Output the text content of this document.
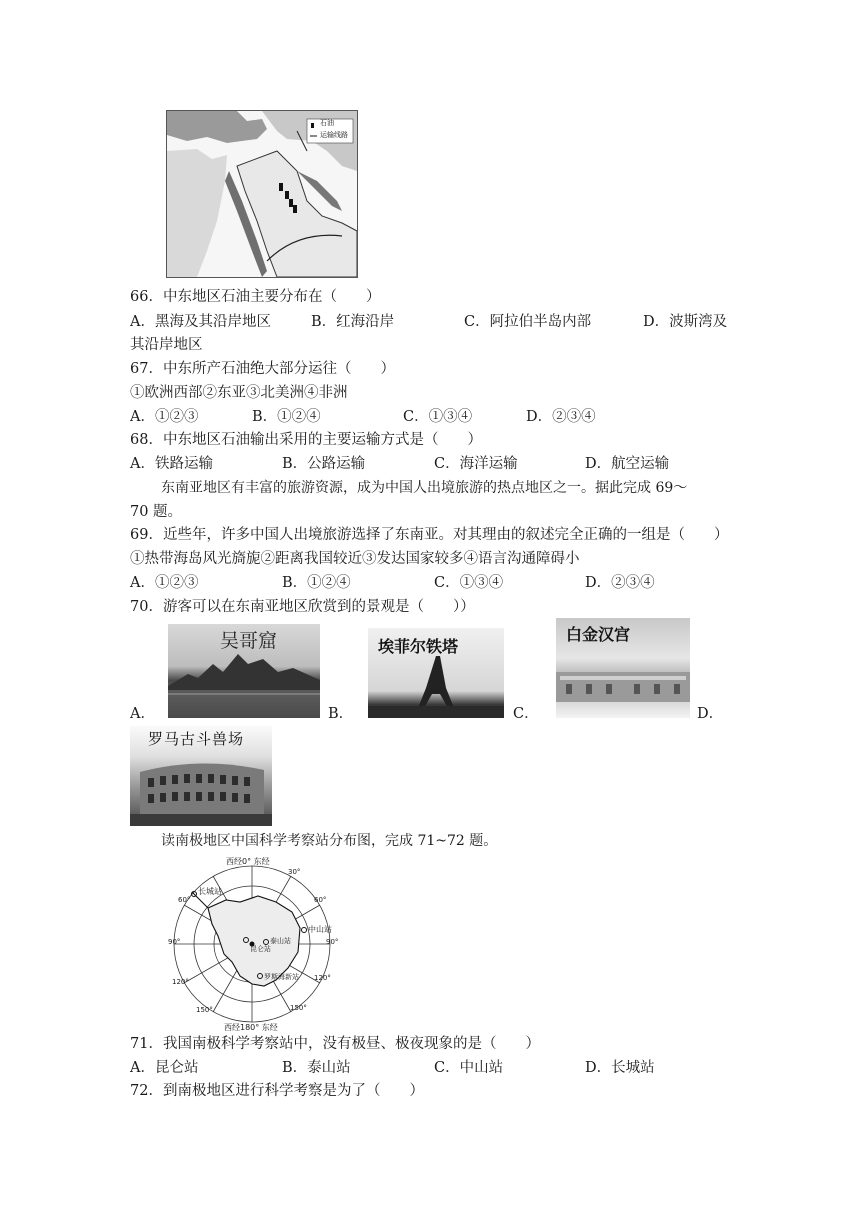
石油
运输线路
66．中东地区石油主要分布在（　　）
A．黑海及其沿岸地区	B．红海沿岸	C．阿拉伯半岛内部	D．波斯湾及
其沿岸地区
67．中东所产石油绝大部分运往（　　）
①欧洲西部②东亚③北美洲④非洲
A．①②③	B．①②④	C．①③④	D．②③④
68．中东地区石油输出采用的主要运输方式是（　　）
A．铁路运输	B．公路运输	C．海洋运输	D．航空运输
东南亚地区有丰富的旅游资源，成为中国人出境旅游的热点地区之一。据此完成 69～
70 题。
69．近些年，许多中国人出境旅游选择了东南亚。对其理由的叙述完全正确的一组是（　　）
①热带海岛风光旖旎②距离我国较近③发达国家较多④语言沟通障碍小
A．①②③	B．①②④	C．①③④	D．②③④
70．游客可以在东南亚地区欣赏到的景观是（　　））
吴哥窟
A．
埃菲尔铁塔
B．
白金汉宫
C．	D．
罗马古斗兽场
读南极地区中国科学考察站分布图，完成 71~72 题。
西经0° 东经
西经180° 东经
30°
60°
90°
120°
150°
60°
90°
120°
150°
长城站
昆仑站
泰山站
中山站
罗斯海新站
71．我国南极科学考察站中，没有极昼、极夜现象的是（　　）
A．昆仑站	B．泰山站	C．中山站	D．长城站
72．到南极地区进行科学考察是为了（　　）
